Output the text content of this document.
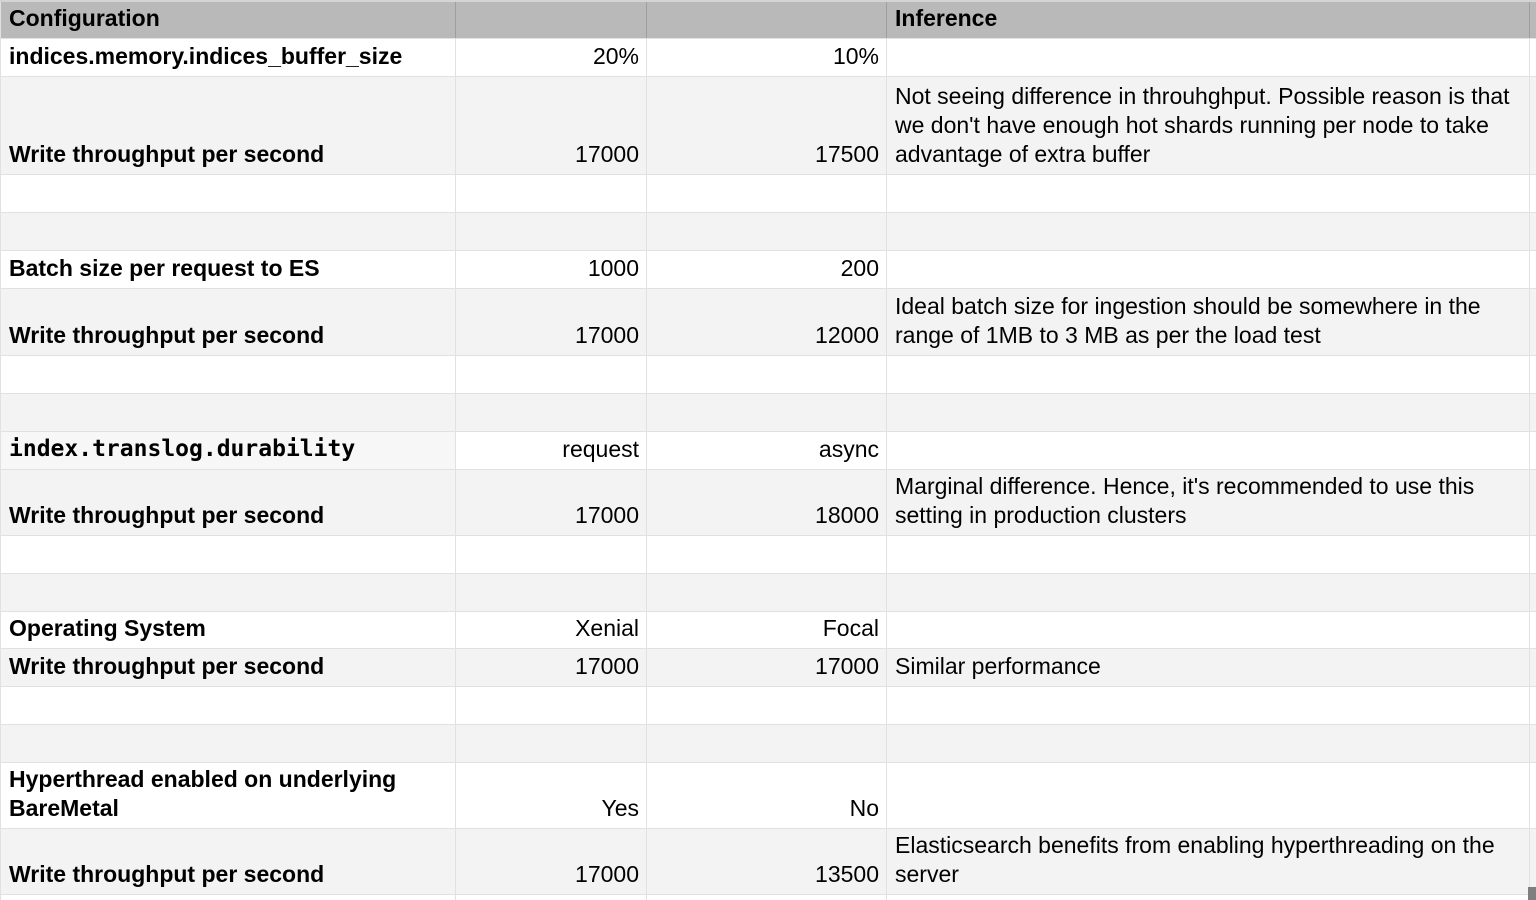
Configuration			Inference	
indices.memory.indices_buffer_size	20%	10%		
Write throughput per second	17000	17500	Not seeing difference in throuhghput. Possible reason is that we don't have enough hot shards running per node to take advantage of extra buffer	

Batch size per request to ES	1000	200		
Write throughput per second	17000	12000	Ideal batch size for ingestion should be somewhere in the range of 1MB to 3 MB as per the load test	

index.translog.durability	request	async		
Write throughput per second	17000	18000	Marginal difference. Hence, it's recommended to use this setting in production clusters	

Operating System	Xenial	Focal		
Write throughput per second	17000	17000	Similar performance	

Hyperthread enabled on underlying BareMetal	Yes	No		
Write throughput per second	17000	13500	Elasticsearch benefits from enabling hyperthreading on the server	
